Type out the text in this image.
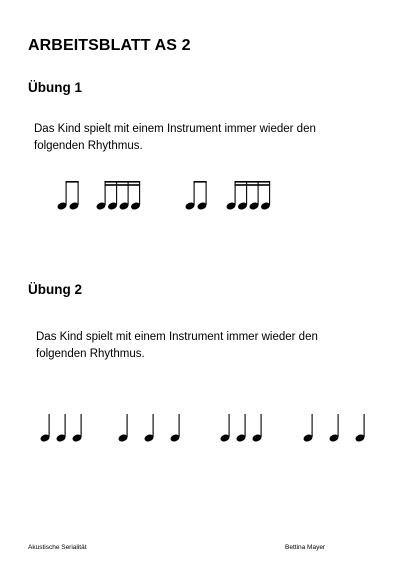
ARBEITSBLATT AS 2
Übung 1

Das Kind spielt mit einem Instrument immer wieder den folgenden Rhythmus.

Übung 2

Das Kind spielt mit einem Instrument immer wieder den folgenden Rhythmus.

Akustische Serialität	Bettina Mayer
